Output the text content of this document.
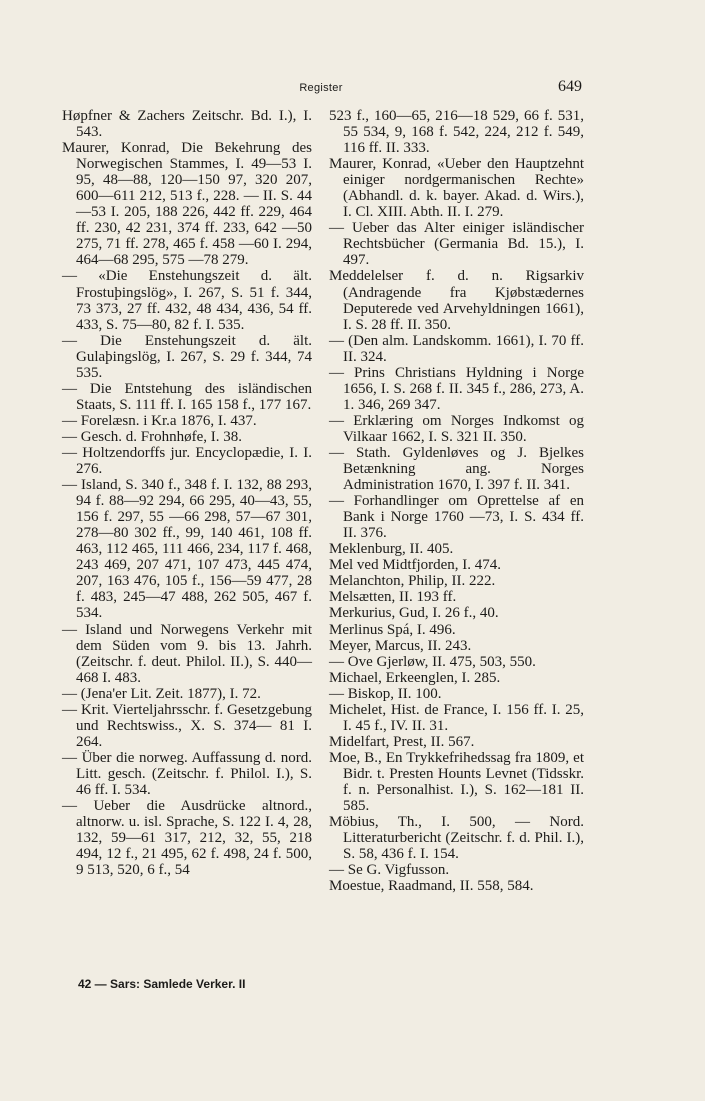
Register	649
Høpfner & Zachers Zeitschr. Bd. I.), I. 543.
Maurer, Konrad, Die Bekehrung des Norwegischen Stammes, I. 49—53 I. 95, 48—88, 120—150 97, 320 207, 600—611 212, 513 f., 228. — II. S. 44—53 I. 205, 188 226, 442 ff. 229, 464 ff. 230, 42 231, 374 ff. 233, 642 —50 275, 71 ff. 278, 465 f. 458 —60 I. 294, 464—68 295, 575 —78 279.
— «Die Enstehungszeit d. ält. Frostuþingslög», I. 267, S. 51 f. 344, 73 373, 27 ff. 432, 48 434, 436, 54 ff. 433, S. 75—80, 82 f. I. 535.
— Die Enstehungszeit d. ält. Gulaþingslög, I. 267, S. 29 f. 344, 74 535.
— Die Entstehung des isländischen Staats, S. 111 ff. I. 165 158 f., 177 167.
— Forelæsn. i Kr.a 1876, I. 437.
— Gesch. d. Frohnhøfe, I. 38.
— Holtzendorffs jur. Encyclopædie, I. I. 276.
— Island, S. 340 f., 348 f. I. 132, 88 293, 94 f. 88—92 294, 66 295, 40—43, 55, 156 f. 297, 55 —66 298, 57—67 301, 278—80 302 ff., 99, 140 461, 108 ff. 463, 112 465, 111 466, 234, 117 f. 468, 243 469, 207 471, 107 473, 445 474, 207, 163 476, 105 f., 156—59 477, 28 f. 483, 245—47 488, 262 505, 467 f. 534.
— Island und Norwegens Verkehr mit dem Süden vom 9. bis 13. Jahrh. (Zeitschr. f. deut. Philol. II.), S. 440—468 I. 483.
— (Jena'er Lit. Zeit. 1877), I. 72.
— Krit. Vierteljahrsschr. f. Gesetzgebung und Rechtswiss., X. S. 374— 81 I. 264.
— Über die norweg. Auffassung d. nord. Litt. gesch. (Zeitschr. f. Philol. I.), S. 46 ff. I. 534.
— Ueber die Ausdrücke altnord., altnorw. u. isl. Sprache, S. 122 I. 4, 28, 132, 59—61 317, 212, 32, 55, 218 494, 12 f., 21 495, 62 f. 498, 24 f. 500, 9 513, 520, 6 f., 54
523 f., 160—65, 216—18 529, 66 f. 531, 55 534, 9, 168 f. 542, 224, 212 f. 549, 116 ff. II. 333.
Maurer, Konrad, «Ueber den Hauptzehnt einiger nordgermanischen Rechte» (Abhandl. d. k. bayer. Akad. d. Wirs.), I. Cl. XIII. Abth. II. I. 279.
— Ueber das Alter einiger isländischer Rechtsbücher (Germania Bd. 15.), I. 497.
Meddelelser f. d. n. Rigsarkiv (Andragende fra Kjøbstædernes Deputerede ved Arvehyldningen 1661), I. S. 28 ff. II. 350.
— (Den alm. Landskomm. 1661), I. 70 ff. II. 324.
— Prins Christians Hyldning i Norge 1656, I. S. 268 f. II. 345 f., 286, 273, A. 1. 346, 269 347.
— Erklæring om Norges Indkomst og Vilkaar 1662, I. S. 321 II. 350.
— Stath. Gyldenløves og J. Bjelkes Betænkning ang. Norges Administration 1670, I. 397 f. II. 341.
— Forhandlinger om Oprettelse af en Bank i Norge 1760 —73, I. S. 434 ff. II. 376.
Meklenburg, II. 405.
Mel ved Midtfjorden, I. 474.
Melanchton, Philip, II. 222.
Melsætten, II. 193 ff.
Merkurius, Gud, I. 26 f., 40.
Merlinus Spá, I. 496.
Meyer, Marcus, II. 243.
— Ove Gjerløw, II. 475, 503, 550.
Michael, Erkeenglen, I. 285.
— Biskop, II. 100.
Michelet, Hist. de France, I. 156 ff. I. 25, I. 45 f., IV. II. 31.
Midelfart, Prest, II. 567.
Moe, B., En Trykkefrihedssag fra 1809, et Bidr. t. Presten Hounts Levnet (Tidsskr. f. n. Personalhist. I.), S. 162—181 II. 585.
Möbius, Th., I. 500, — Nord. Litteraturbericht (Zeitschr. f. d. Phil. I.), S. 58, 436 f. I. 154.
— Se G. Vigfusson.
Moestue, Raadmand, II. 558, 584.
42 — Sars: Samlede Verker. II
